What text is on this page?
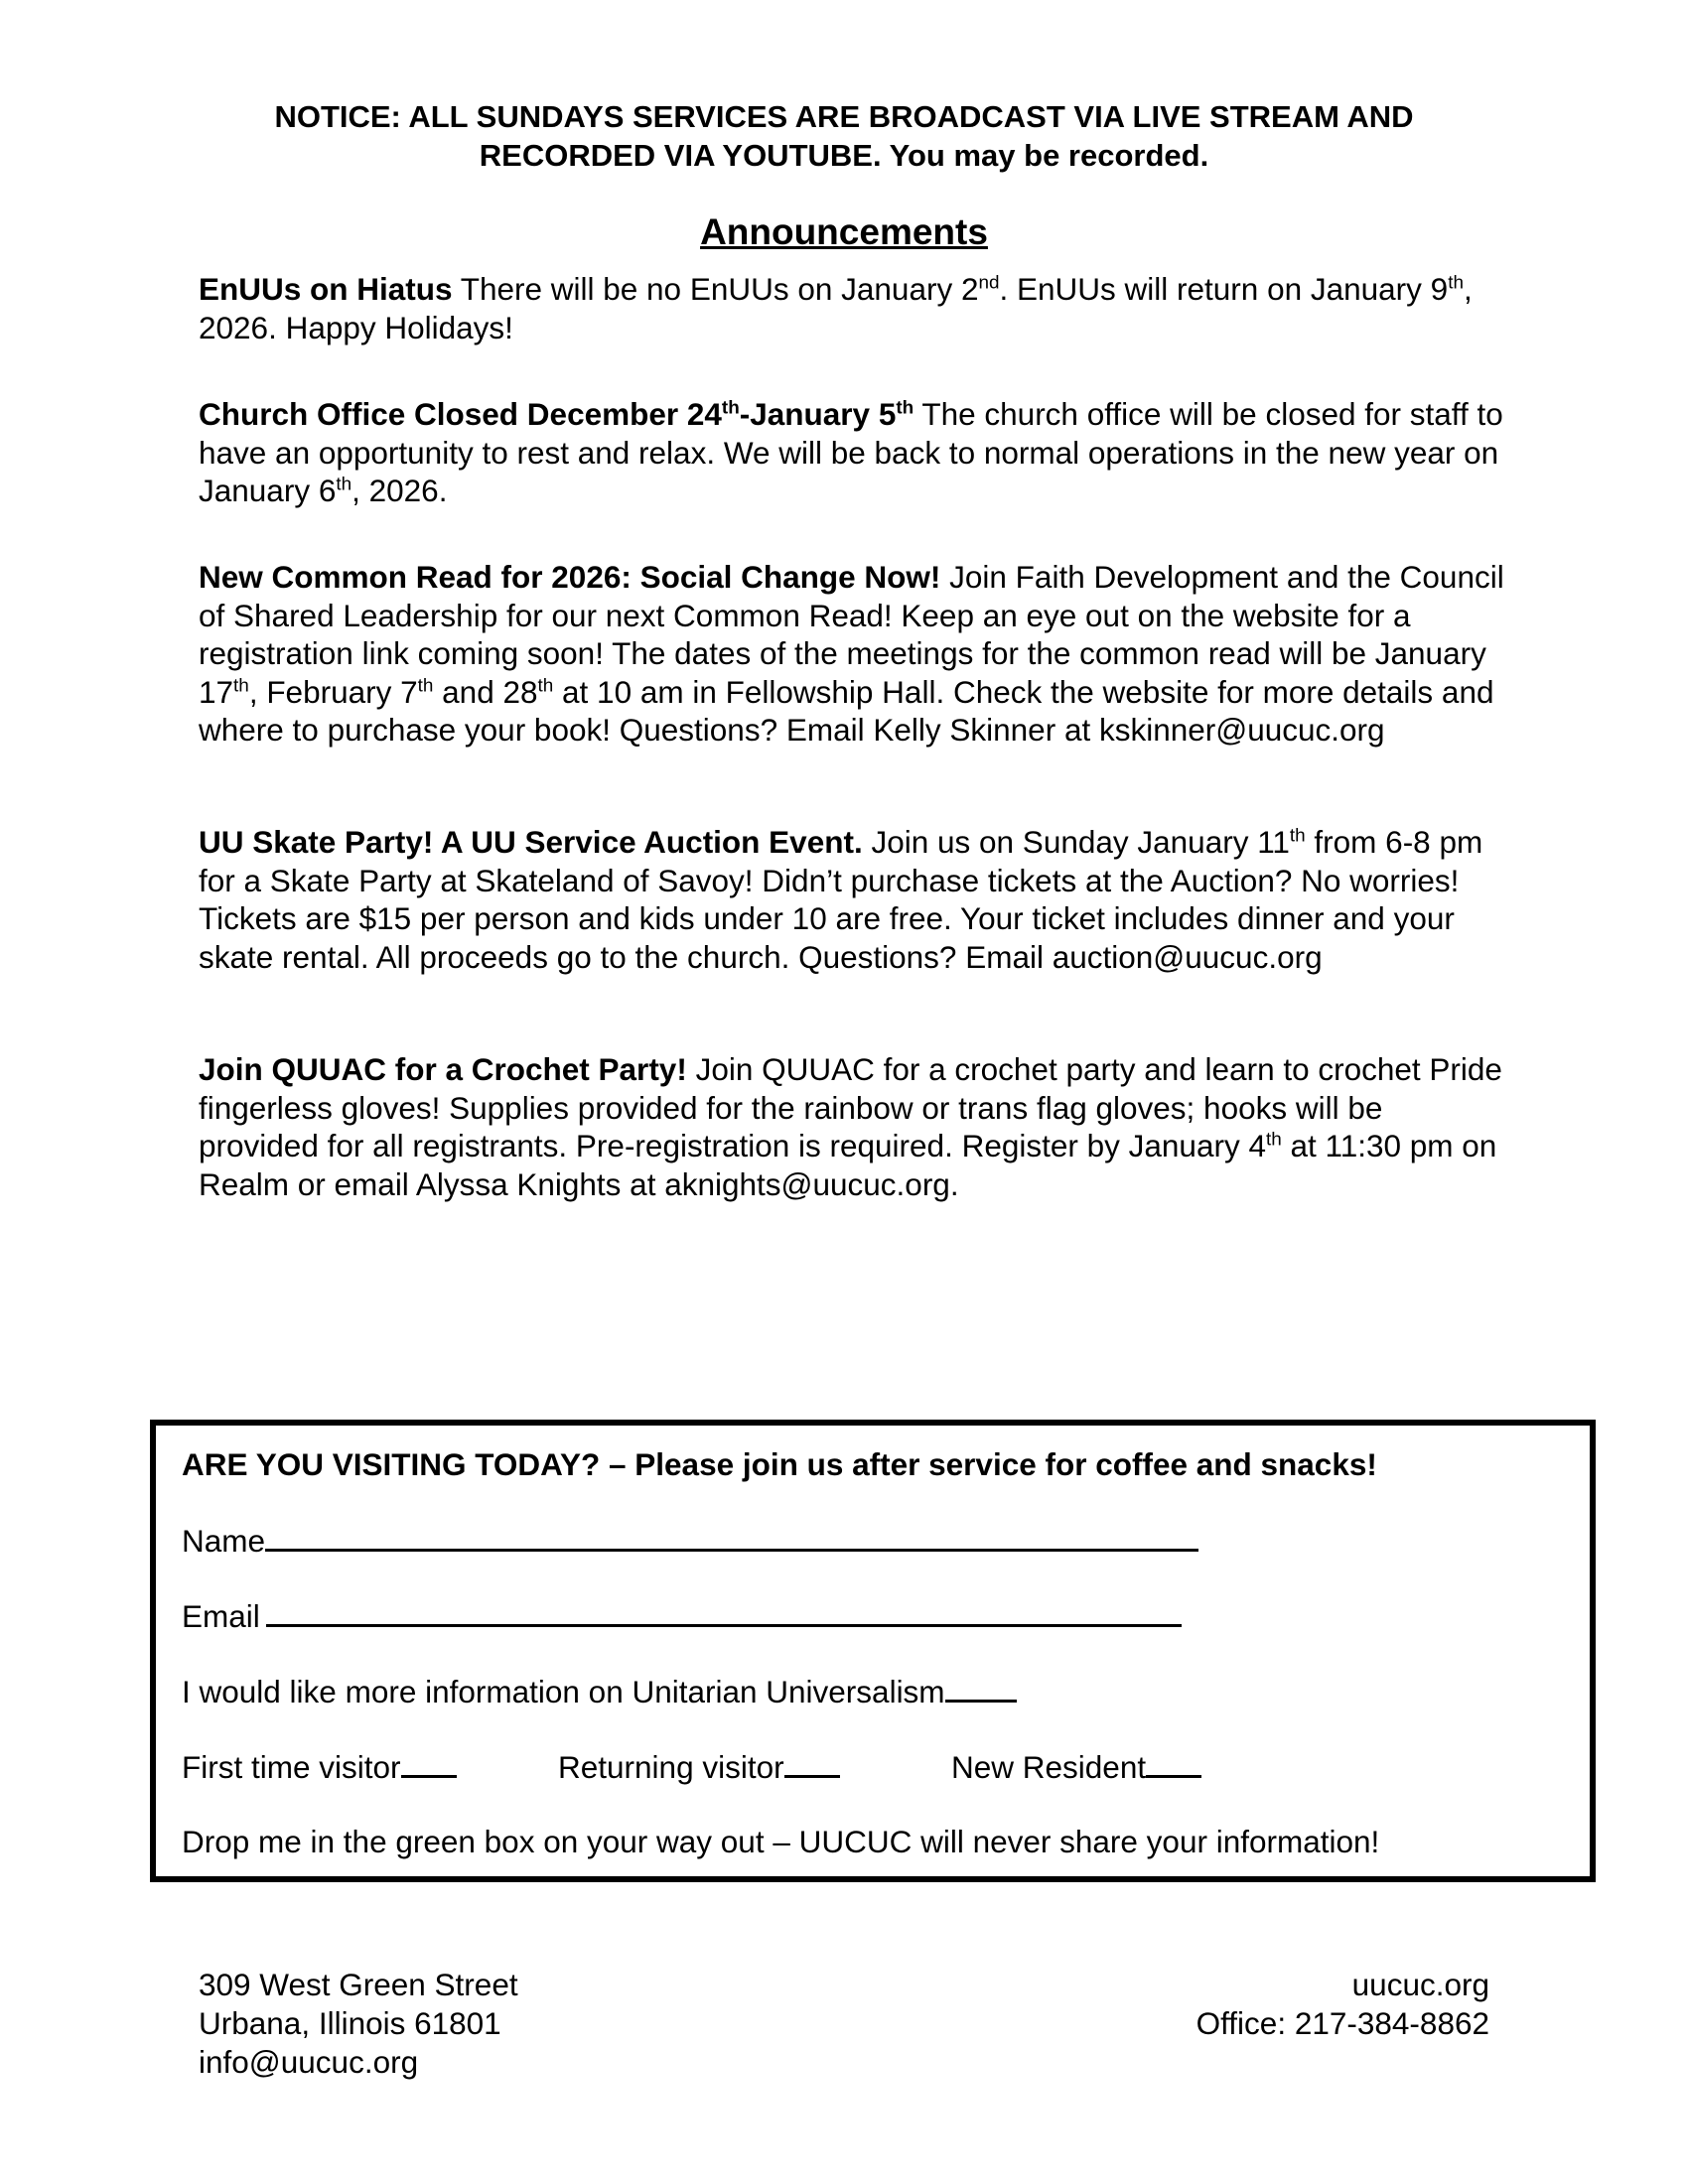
NOTICE: ALL SUNDAYS SERVICES ARE BROADCAST VIA LIVE STREAM AND
RECORDED VIA YOUTUBE. You may be recorded.
Announcements

EnUUs on Hiatus There will be no EnUUs on January 2nd. EnUUs will return on January 9th, 2026. Happy Holidays!

Church Office Closed December 24th-January 5th The church office will be closed for staff to have an opportunity to rest and relax. We will be back to normal operations in the new year on January 6th, 2026.

New Common Read for 2026: Social Change Now! Join Faith Development and the Council of Shared Leadership for our next Common Read! Keep an eye out on the website for a registration link coming soon! The dates of the meetings for the common read will be January 17th, February 7th and 28th at 10 am in Fellowship Hall. Check the website for more details and where to purchase your book! Questions? Email Kelly Skinner at kskinner@uucuc.org

UU Skate Party! A UU Service Auction Event. Join us on Sunday January 11th from 6-8 pm for a Skate Party at Skateland of Savoy! Didn’t purchase tickets at the Auction? No worries! Tickets are $15 per person and kids under 10 are free. Your ticket includes dinner and your skate rental. All proceeds go to the church. Questions? Email auction@uucuc.org

Join QUUAC for a Crochet Party! Join QUUAC for a crochet party and learn to crochet Pride fingerless gloves! Supplies provided for the rainbow or trans flag gloves; hooks will be provided for all registrants. Pre-registration is required. Register by January 4th at 11:30 pm on Realm or email Alyssa Knights at aknights@uucuc.org.

ARE YOU VISITING TODAY? – Please join us after service for coffee and snacks!
Name
Email
I would like more information on Unitarian Universalism
First time visitor	Returning visitor	New Resident
Drop me in the green box on your way out – UUCUC will never share your information!
309 West Green Street
Urbana, Illinois 61801
info@uucuc.org
uucuc.org
Office: 217-384-8862
